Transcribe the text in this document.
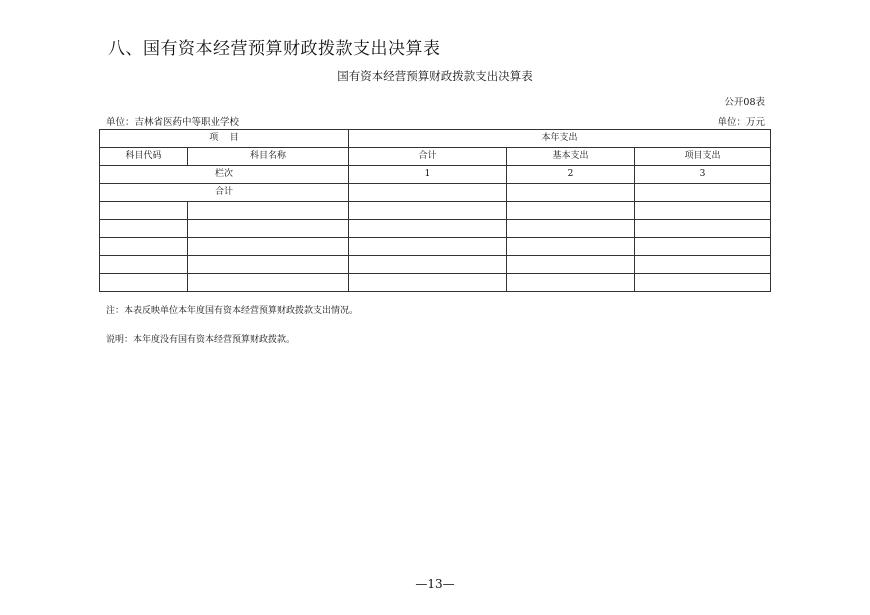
八、国有资本经营预算财政拨款支出决算表
国有资本经营预算财政拨款支出决算表
公开08表
单位：吉林省医药中等职业学校	单位：万元
项    目		本年支出		
科目代码	科目名称	合计	基本支出	项目支出
栏次		1	2	3
合计				

注：本表反映单位本年度国有资本经营预算财政拨款支出情况。
说明：本年度没有国有资本经营预算财政拨款。
—13—
